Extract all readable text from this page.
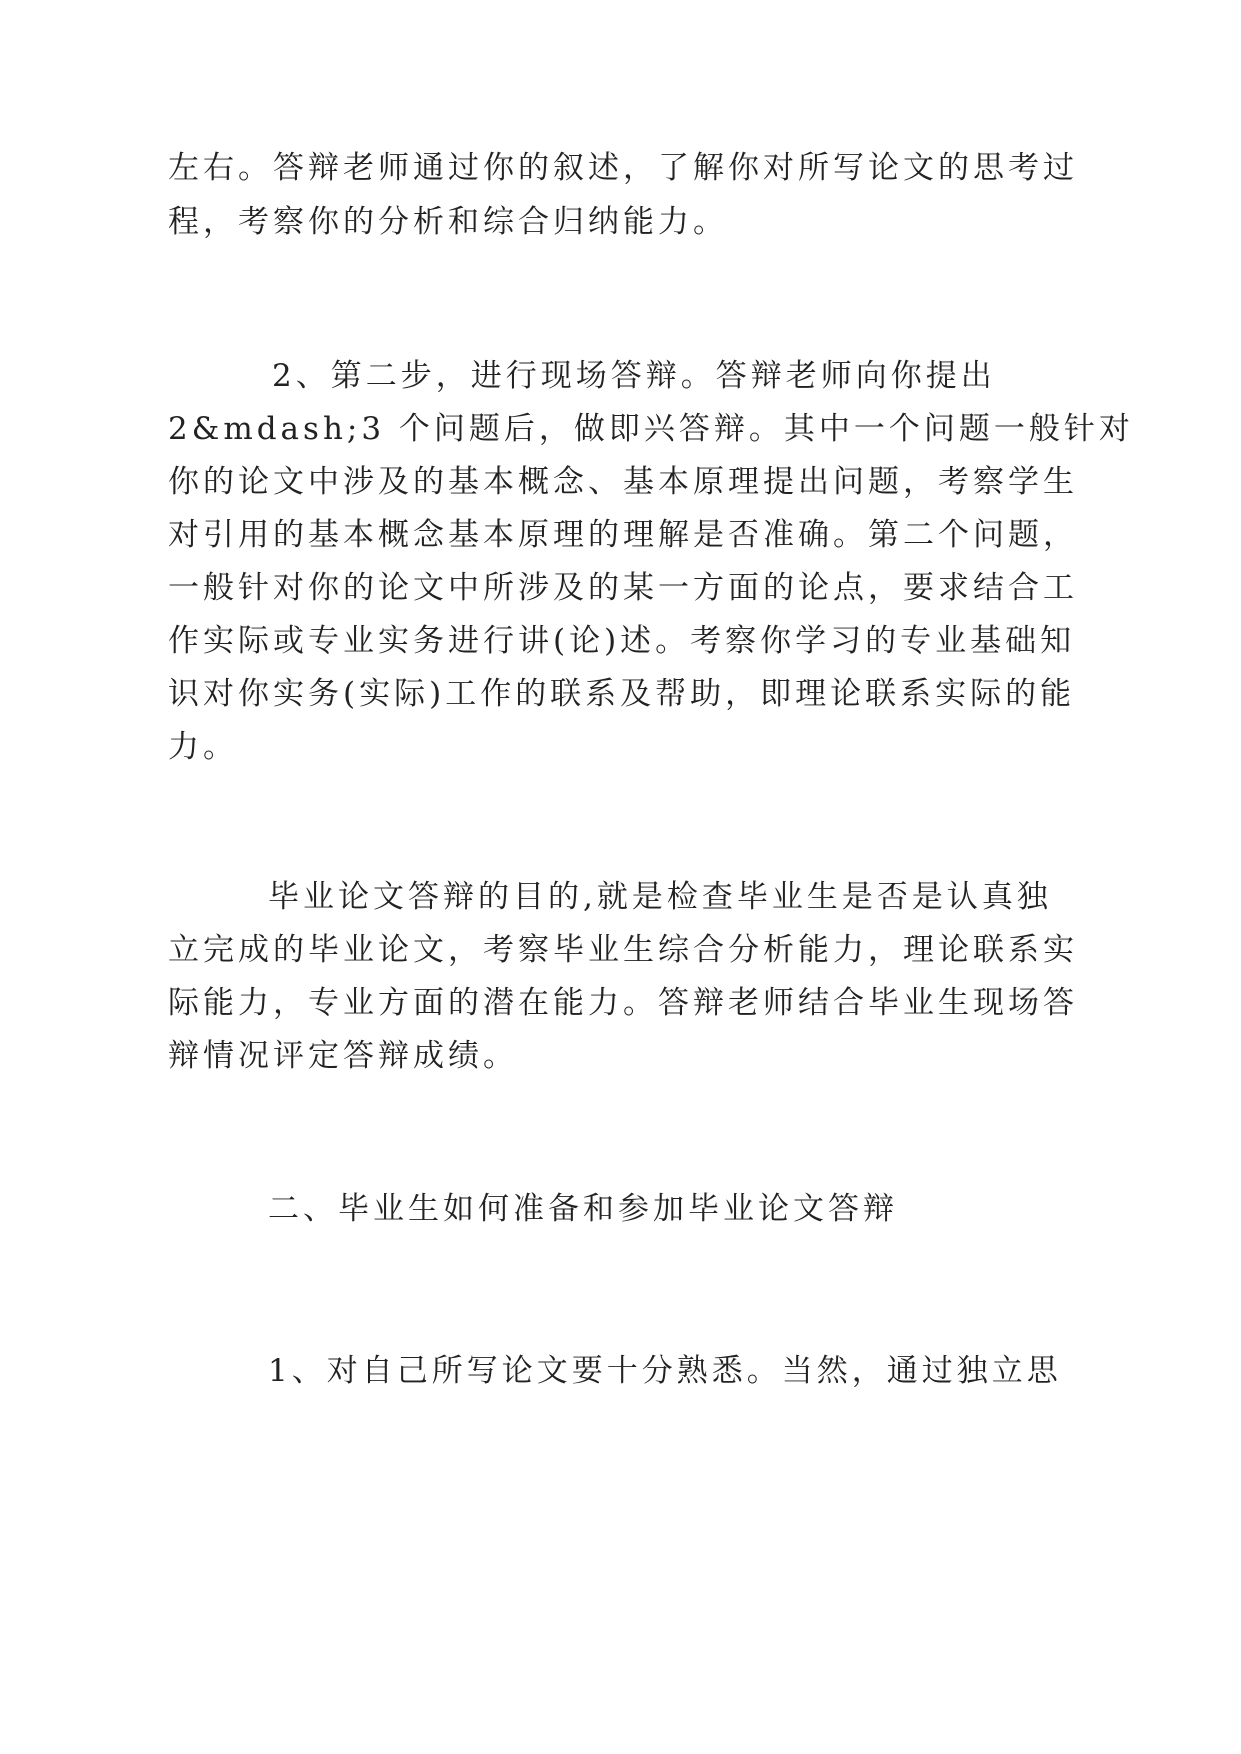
左右。答辩老师通过你的叙述，了解你对所写论文的思考过
程，考察你的分析和综合归纳能力。
2、第二步，进行现场答辩。答辩老师向你提出
2&mdash;3 个问题后，做即兴答辩。其中一个问题一般针对
你的论文中涉及的基本概念、基本原理提出问题，考察学生
对引用的基本概念基本原理的理解是否准确。第二个问题，
一般针对你的论文中所涉及的某一方面的论点，要求结合工
作实际或专业实务进行讲(论)述。考察你学习的专业基础知
识对你实务(实际)工作的联系及帮助，即理论联系实际的能
力。
毕业论文答辩的目的,就是检查毕业生是否是认真独
立完成的毕业论文，考察毕业生综合分析能力，理论联系实
际能力，专业方面的潜在能力。答辩老师结合毕业生现场答
辩情况评定答辩成绩。
二、毕业生如何准备和参加毕业论文答辩
1、对自己所写论文要十分熟悉。当然，通过独立思
